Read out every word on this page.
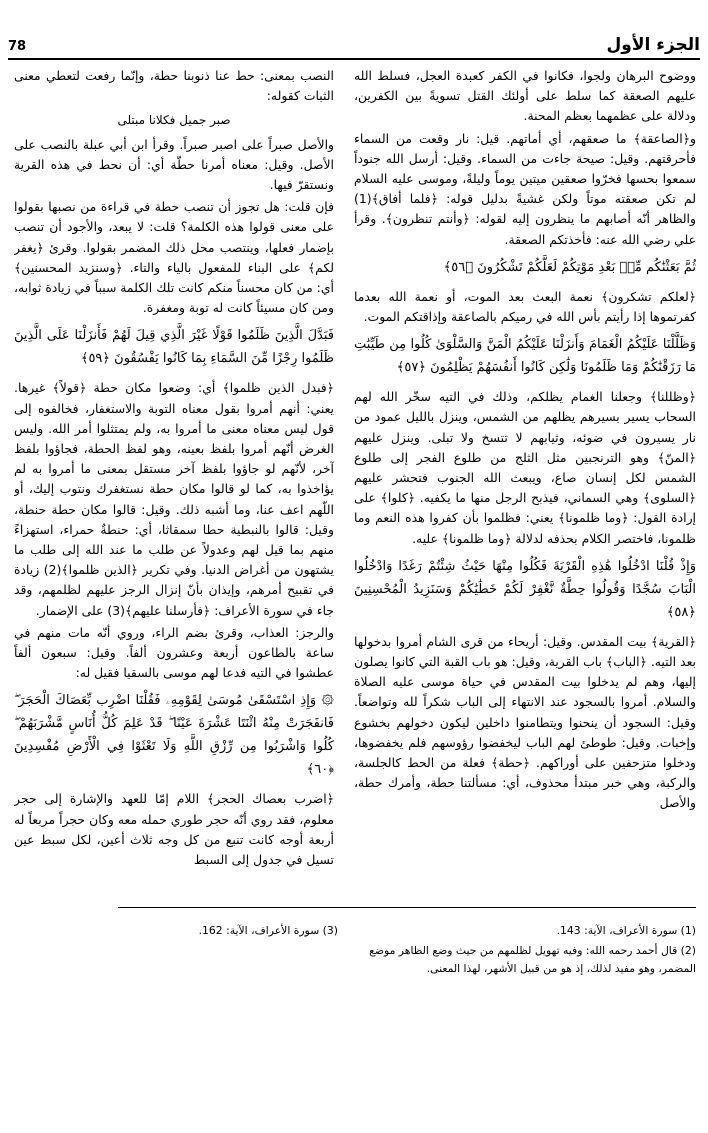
78	الجزء الأول

ووضوح البرهان ولجوا، فكانوا في الكفر كعبدة العجل، فسلط الله عليهم الصعقة كما سلط على أولئك القتل تسويةً بين الكفرين، ودلالة على عظمهما بعظم المحنة.

و﴿الصاعقة﴾ ما صعقهم، أي أماتهم. قيل: نار وقعت من السماء فأحرقتهم. وقيل: صيحة جاءت من السماء. وقيل: أرسل الله جنوداً سمعوا بحسها فخرّوا صعقين ميتين يوماً وليلةً، وموسى عليه السلام لم تكن صعقته موتاً ولكن غشيةً بدليل قوله: ﴿فلما أفاق﴾(1) والظاهر أنّه أصابهم ما ينظرون إليه لقوله: ﴿وأنتم تنظرون﴾. وقرأ علي رضي الله عنه: فأخذتكم الصعقة.

ثُمَّ بَعَثْنَٰكُم مِّنۢ بَعْدِ مَوْتِكُمْ لَعَلَّكُمْ تَشْكُرُونَ ﴿٥٦﴾

﴿لعلكم تشكرون﴾ نعمة البعث بعد الموت، أو نعمة الله بعدما كفرتموها إذا رأيتم بأس الله في رميكم بالصاعقة وإذاقتكم الموت.

وَظَلَّلْنَا عَلَيْكُمُ الْغَمَامَ وَأَنزَلْنَا عَلَيْكُمُ الْمَنَّ وَالسَّلْوَىٰ كُلُوا مِن طَيِّبَٰتِ مَا رَزَقْنَٰكُمْ وَمَا ظَلَمُونَا وَلَٰكِن كَانُوا أَنفُسَهُمْ يَظْلِمُونَ ﴿٥٧﴾

﴿وظللنا﴾ وجعلنا الغمام يظلكم، وذلك في التيه سخّر الله لهم السحاب يسير بسيرهم يظلهم من الشمس، وينزل بالليل عمود من نار يسيرون في ضوئه، وثيابهم لا تتسخ ولا تبلى. وينزل عليهم ﴿المنّ﴾ وهو الترنجبين مثل الثلج من طلوع الفجر إلى طلوع الشمس لكل إنسان صاع، ويبعث الله الجنوب فتحشر عليهم ﴿السلوى﴾ وهي السماني، فيذبح الرجل منها ما يكفيه. ﴿كلوا﴾ على إرادة القول: ﴿وما ظلمونا﴾ يعني: فظلموا بأن كفروا هذه النعم وما ظلمونا، فاختصر الكلام بحذفه لدلالة ﴿وما ظلمونا﴾ عليه.

وَإِذْ قُلْنَا ادْخُلُوا هَٰذِهِ الْقَرْيَةَ فَكُلُوا مِنْهَا حَيْثُ شِئْتُمْ رَغَدًا وَادْخُلُوا الْبَابَ سُجَّدًا وَقُولُوا حِطَّةٌ نَّغْفِرْ لَكُمْ خَطَٰيَٰكُمْ وَسَنَزِيدُ الْمُحْسِنِينَ ﴿٥٨﴾

﴿القرية﴾ بيت المقدس. وقيل: أريحاء من قرى الشام أمروا بدخولها بعد التيه. ﴿الباب﴾ باب القرية، وقيل: هو باب القبة التي كانوا يصلون إليها، وهم لم يدخلوا بيت المقدس في حياة موسى عليه الصلاة والسلام. أمروا بالسجود عند الانتهاء إلى الباب شكراً لله وتواضعاً. وقيل: السجود أن ينحنوا ويتطامنوا داخلين ليكون دخولهم بخشوع وإخبات. وقيل: طوطئ لهم الباب ليخفضوا رؤوسهم فلم يخفضوها، ودخلوا متزحفين على أوراكهم. ﴿حطة﴾ فعلة من الحط كالجلسة، والركبة، وهي خبر مبتدأ محذوف، أي: مسألتنا حطة، وأمرك حطة، والأصل

النصب بمعنى: حط عنا ذنوبنا حطة، وإنّما رفعت لتعطي معنى الثبات كقوله:

صبر جميل فكلانا مبتلى

والأصل صبراً على اصبر صبراً. وقرأ ابن أبي عبلة بالنصب على الأصل. وقيل: معناه أمرنا حطّة أي: أن نحط في هذه القرية ونستقرّ فيها.

فإن قلت: هل تجوز أن تنصب حطة في قراءة من نصبها بقولوا على معنى قولوا هذه الكلمة؟ قلت: لا يبعد، والأجود أن تنصب بإضمار فعلها، وينتصب محل ذلك المضمر بقولوا. وقرئ ﴿يغفر لكم﴾ على البناء للمفعول بالياء والتاء. ﴿وسنزيد المحسنين﴾ أي: من كان محسناً منكم كانت تلك الكلمة سبباً في زيادة ثوابه، ومن كان مسيئاً كانت له توبة ومغفرة.

فَبَدَّلَ الَّذِينَ ظَلَمُوا قَوْلًا غَيْرَ الَّذِي قِيلَ لَهُمْ فَأَنزَلْنَا عَلَى الَّذِينَ ظَلَمُوا رِجْزًا مِّنَ السَّمَاءِ بِمَا كَانُوا يَفْسُقُونَ ﴿٥٩﴾

﴿فبدل الذين ظلموا﴾ أي: وضعوا مكان حطة ﴿قولاً﴾ غيرها. يعني: أنهم أمروا بقول معناه التوبة والاستغفار، فخالفوه إلى قول ليس معناه معنى ما أمروا به، ولم يمتثلوا أمر الله. وليس الغرض أنّهم أمروا بلفظ بعينه، وهو لفظ الحطة، فجاؤوا بلفظ آخر، لأنّهم لو جاؤوا بلفظ آخر مستقل بمعنى ما أمروا به لم يؤاخذوا به، كما لو قالوا مكان حطة نستغفرك ونتوب إليك، أو اللّهم اعف عنا، وما أشبه ذلك. وقيل: قالوا مكان حطة حنطة، وقيل: قالوا بالنبطية حطا سمقاثا، أي: حنطةٌ حمراء، استهزاءً منهم بما قيل لهم وعدولاً عن طلب ما عند الله إلى طلب ما يشتهون من أغراض الدنيا. وفي تكرير ﴿الذين ظلموا﴾(2) زيادة في تقبيح أمرهم، وإيذان بأنّ إنزال الرجز عليهم لظلمهم، وقد جاء في سورة الأعراف: ﴿فأرسلنا عليهم﴾(3) على الإضمار.

والرجز: العذاب، وقرئ بضم الراء، وروي أنّه مات منهم في ساعة بالطاعون أربعة وعشرون ألفاً. وقيل: سبعون ألفاً عطشوا في التيه فدعا لهم موسى بالسقيا فقيل له:

۞ وَإِذِ اسْتَسْقَىٰ مُوسَىٰ لِقَوْمِهِۦ فَقُلْنَا اضْرِب بِّعَصَاكَ الْحَجَرَ ۖ فَانفَجَرَتْ مِنْهُ اثْنَتَا عَشْرَةَ عَيْنًا ۖ قَدْ عَلِمَ كُلُّ أُنَاسٍ مَّشْرَبَهُمْ ۖ كُلُوا وَاشْرَبُوا مِن رِّزْقِ اللَّهِ وَلَا تَعْثَوْا فِي الْأَرْضِ مُفْسِدِينَ ﴿٦٠﴾

﴿اضرب بعصاك الحجر﴾ اللام إمّا للعهد والإشارة إلى حجر معلوم، فقد روي أنّه حجر طوري حمله معه وكان حجراً مربعاً له أربعة أوجه كانت تنبع من كل وجه ثلاث أعين، لكل سبط عين تسيل في جدول إلى السبط

(1) سورة الأعراف، الآية: 143.
(2) قال أحمد رحمه الله: وفيه تهويل لظلمهم من حيث وضع الظاهر موضع المضمر، وهو مفيد لذلك، إذ هو من قبيل الأشهر، لهذا المعنى.
(3) سورة الأعراف، الآية: 162.
